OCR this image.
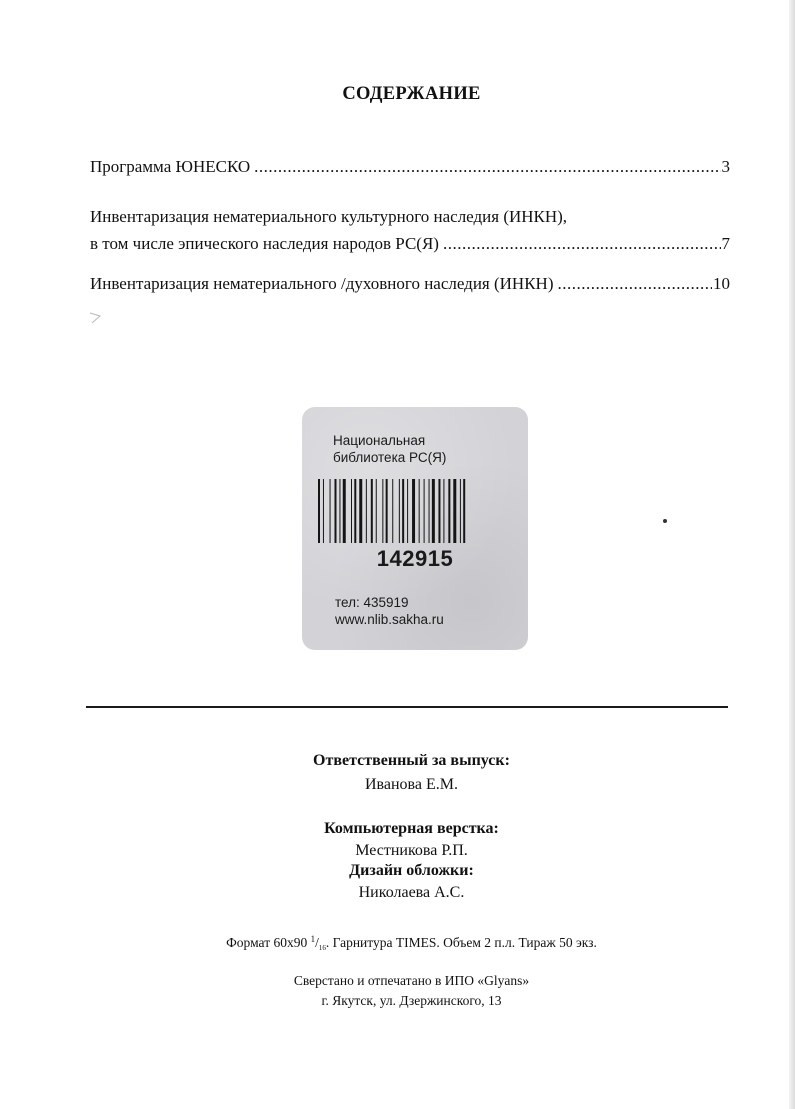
СОДЕРЖАНИЕ
Программа ЮНЕСКО .....	3
Инвентаризация нематериального культурного наследия (ИНКН),
в том числе эпического наследия народов РС(Я) .....	7
Инвентаризация нематериального /духовного наследия (ИНКН) .....	10
Национальная
библиотека РС(Я)
142915
тел: 435919
www.nlib.sakha.ru
Ответственный за выпуск:
Иванова Е.М.
Компьютерная верстка:
Местникова Р.П.
Дизайн обложки:
Николаева А.С.
Формат 60х90 $^1/_{16}$. Гарнитура TIMES. Объем 2 п.л. Тираж 50 экз.
Сверстано и отпечатано в ИПО «Glyans»
г. Якутск, ул. Дзержинского, 13
